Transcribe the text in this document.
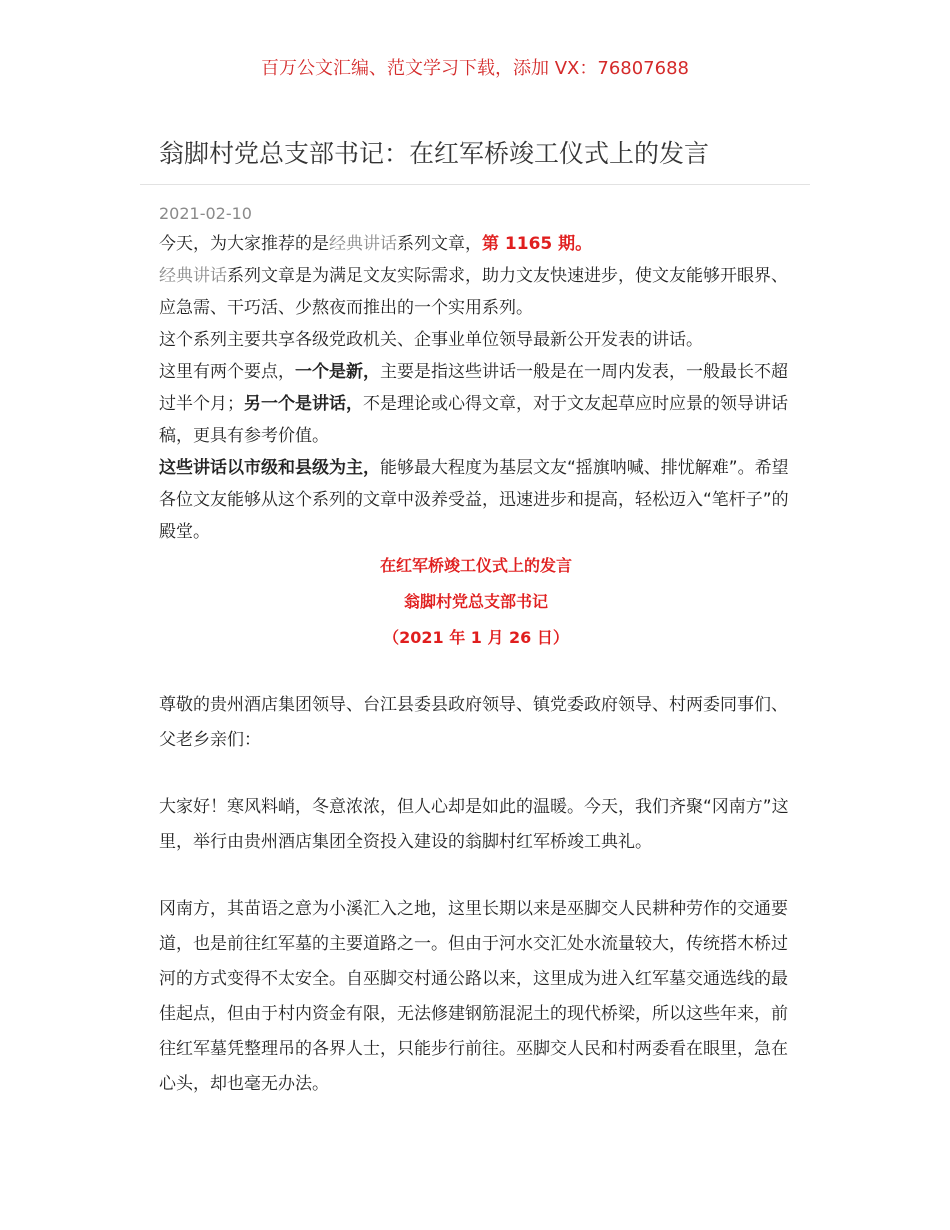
百万公文汇编、范文学习下载，添加 VX：76807688
翁脚村党总支部书记：在红军桥竣工仪式上的发言
2021-02-10

今天，为大家推荐的是经典讲话系列文章，第 1165 期。

经典讲话系列文章是为满足文友实际需求，助力文友快速进步，使文友能够开眼界、应急需、干巧活、少熬夜而推出的一个实用系列。

这个系列主要共享各级党政机关、企事业单位领导最新公开发表的讲话。

这里有两个要点，一个是新，主要是指这些讲话一般是在一周内发表，一般最长不超过半个月；另一个是讲话，不是理论或心得文章，对于文友起草应时应景的领导讲话稿，更具有参考价值。

这些讲话以市级和县级为主，能够最大程度为基层文友“摇旗呐喊、排忧解难”。希望各位文友能够从这个系列的文章中汲养受益，迅速进步和提高，轻松迈入“笔杆子”的殿堂。

在红军桥竣工仪式上的发言
翁脚村党总支部书记
（2021 年 1 月 26 日）

尊敬的贵州酒店集团领导、台江县委县政府领导、镇党委政府领导、村两委同事们、父老乡亲们：

大家好！寒风料峭，冬意浓浓，但人心却是如此的温暖。今天，我们齐聚“冈南方”这里，举行由贵州酒店集团全资投入建设的翁脚村红军桥竣工典礼。

冈南方，其苗语之意为小溪汇入之地，这里长期以来是巫脚交人民耕种劳作的交通要道，也是前往红军墓的主要道路之一。但由于河水交汇处水流量较大，传统搭木桥过河的方式变得不太安全。自巫脚交村通公路以来，这里成为进入红军墓交通选线的最佳起点，但由于村内资金有限，无法修建钢筋混泥土的现代桥梁，所以这些年来，前往红军墓凭整理吊的各界人士，只能步行前往。巫脚交人民和村两委看在眼里，急在心头，却也毫无办法。
